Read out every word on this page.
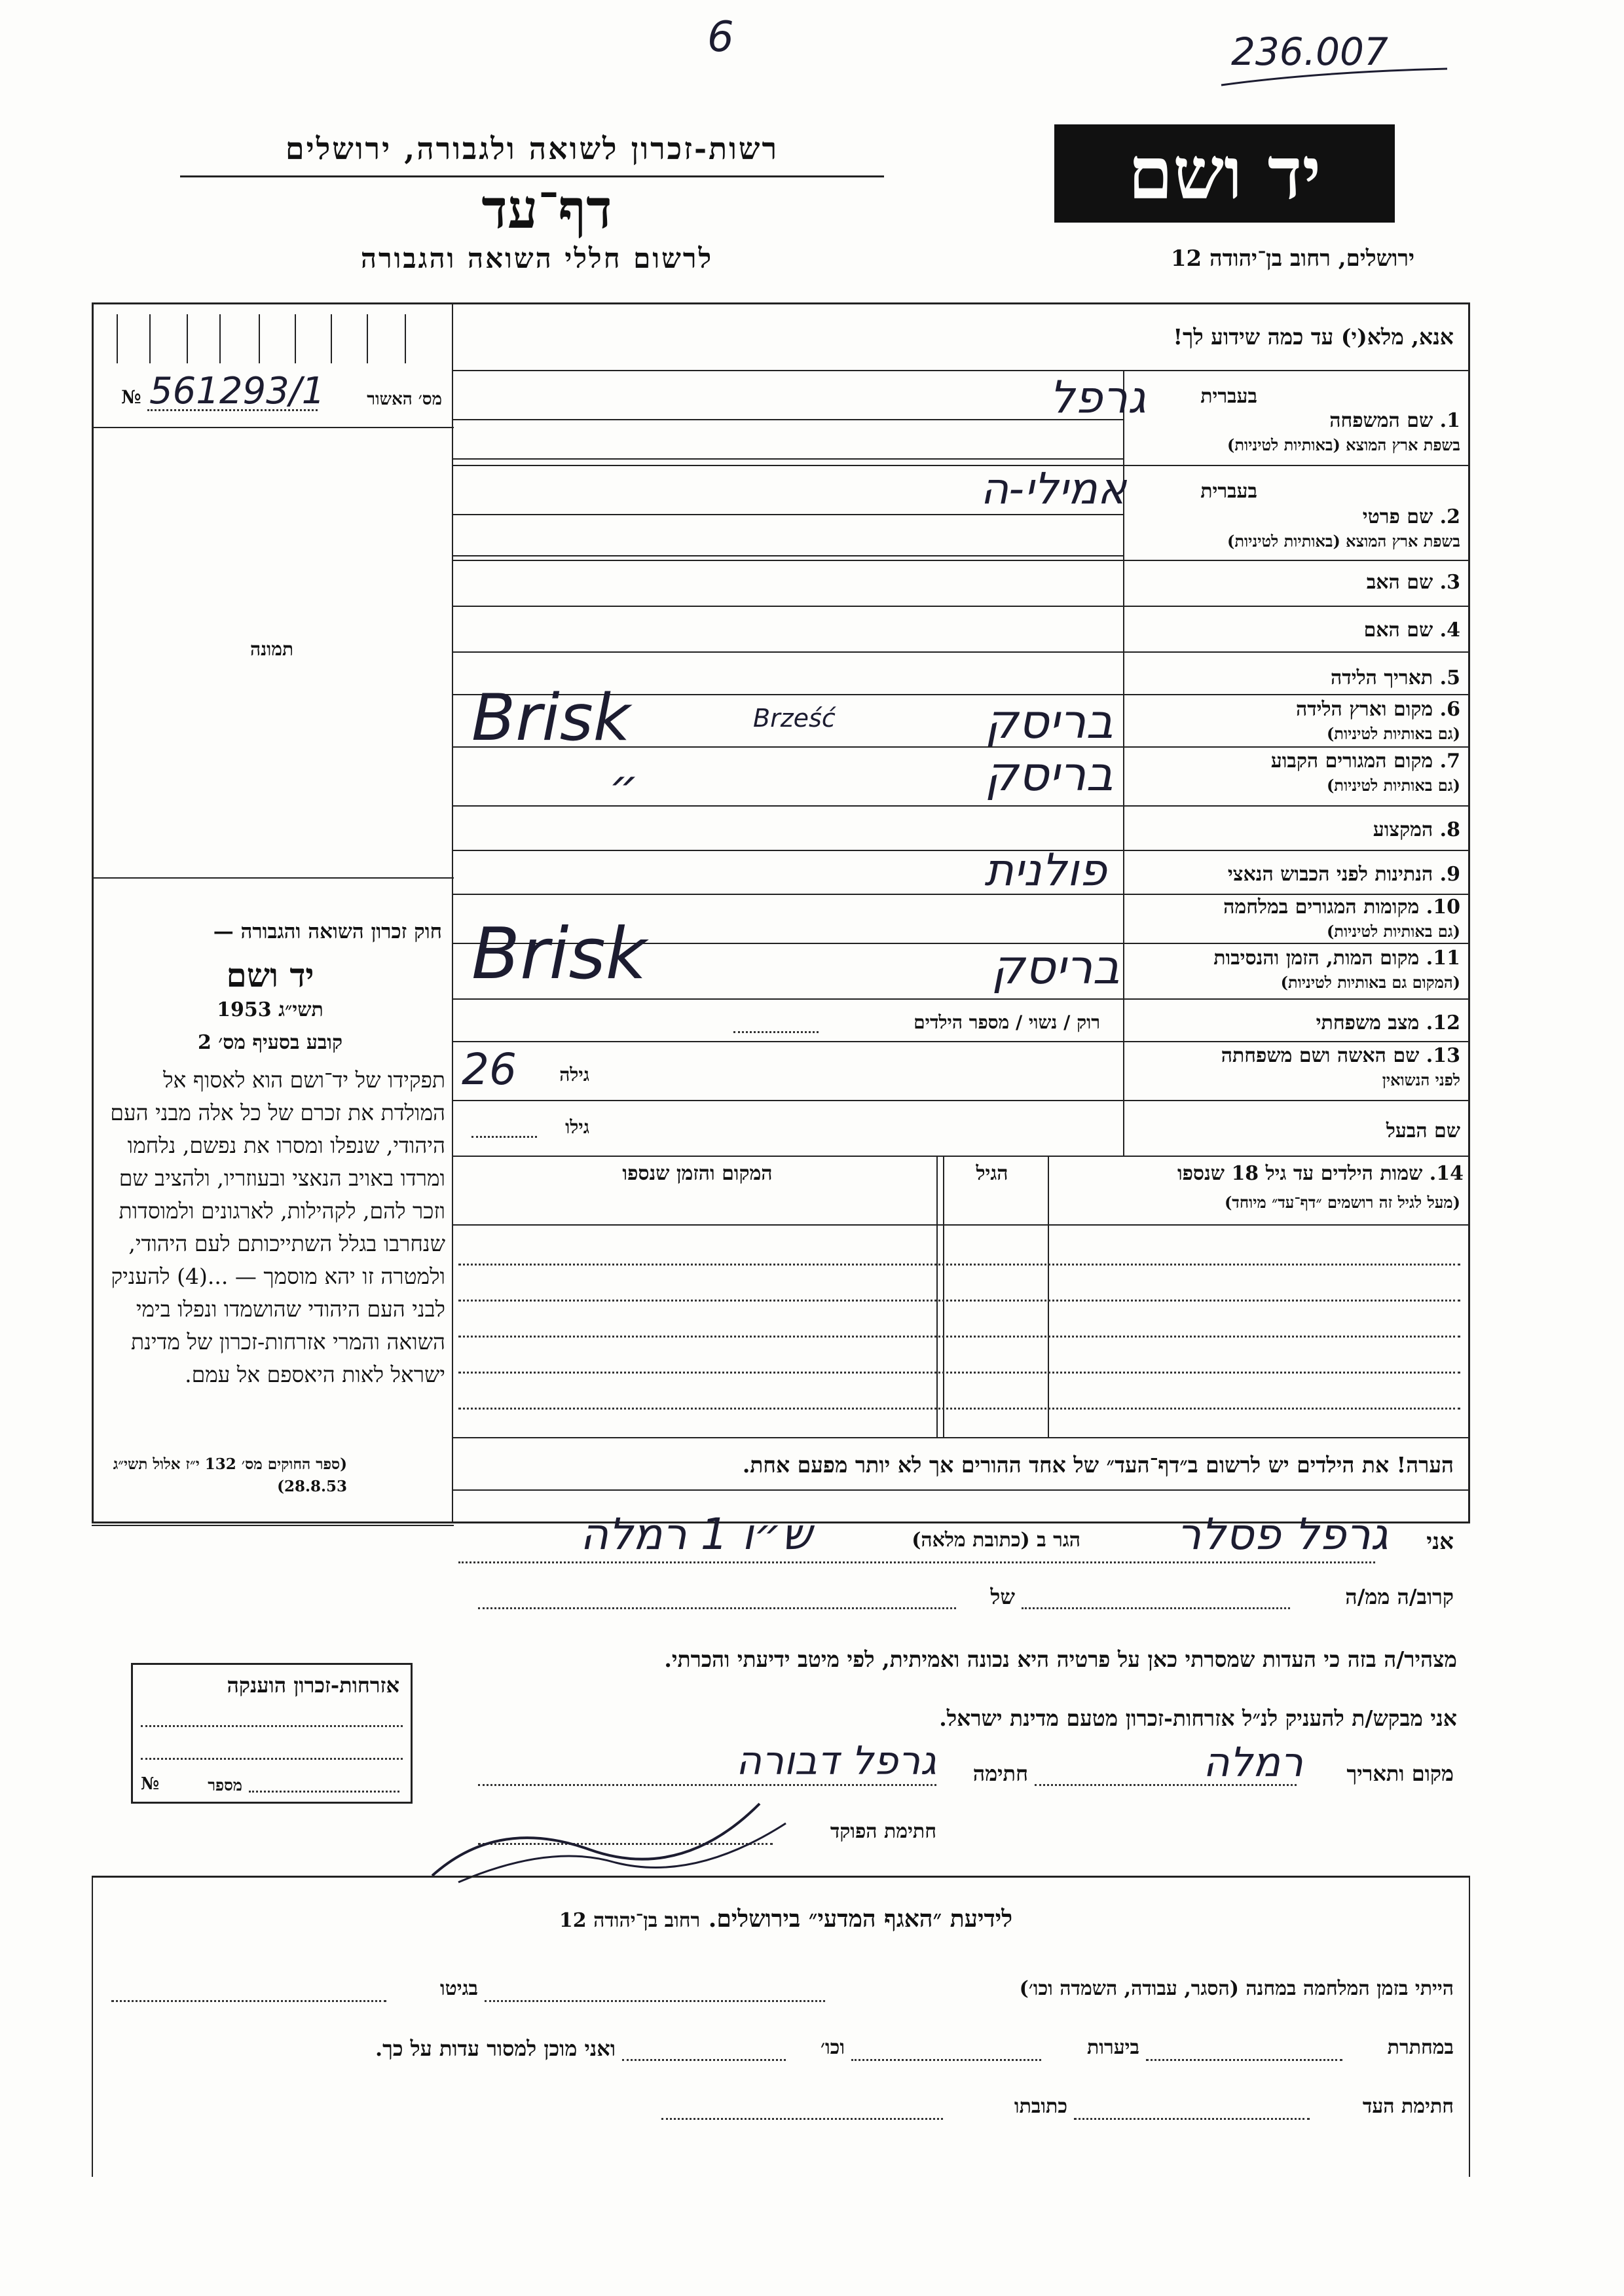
6	236.007
יד ושם
רשות-זכרון לשואה ולגבורה, ירושלים
דף־עד
לרשום חללי השואה והגבורה	ירושלים, רחוב בן־יהודה 12
אנא, מלא(י) עד כמה שידוע לך!
№ 561293/1	מס׳ האשור
תמונה
בעברית
1. שם המשפחה
בשפת ארץ המוצא (באותיות לטיניות)
גרפל
בעברית
2. שם פרטי
בשפת ארץ המוצא (באותיות לטיניות)
אמילי-ה
3. שם האב
4. שם האם
5. תאריך הלידה
6. מקום וארץ הלידה
(גם באותיות לטיניות)
Brisk	Brześć	בריסק
7. מקום המגורים הקבוע
(גם באותיות לטיניות)
״	בריסק
8. המקצוע
9. הנתינות לפני הכבוש הנאצי
פולנית
10. מקומות המגורים במלחמה
(גם באותיות לטיניות)
11. מקום המות, הזמן והנסיבות
(המקום גם באותיות לטיניות)
Brisk	בריסק
12. מצב משפחתי
רוק / נשוי / מספר הילדים
13. שם האשה ושם משפחתה
לפני הנשואין
גילה
26
שם הבעל
גילו
14. שמות הילדים עד גיל 18 שנספו
(מעל לגיל זה רושמים ״דף־עד״ מיוחד)
הגיל
המקום והזמן שנספו
הערה! את הילדים יש לרשום ב״דף־העד״ של אחד ההורים אך לא יותר מפעם אחת.
אני
גרפל פסלר
הגר ב (כתובת מלאה)
ש״ו 1 רמלה
קרוב/ה ממ/ה
של
מצהיר/ה בזה כי העדות שמסרתי כאן על פרטיה היא נכונה ואמיתית, לפי מיטב ידיעתי והכרתי.
אני מבקש/ת להעניק לנ״ל אזרחות-זכרון מטעם מדינת ישראל.
מקום ותאריך
רמלה
חתימה
גרפל דבורה
חתימת הפוקד
חוק זכרון השואה והגבורה —
יד ושם
תשי״ג 1953
קובע בסעיף מס׳ 2
תפקידו של יד־ושם הוא לאסוף אל המולדת את זכרם של כל אלה מבני העם היהודי, שנפלו ומסרו את נפשם, נלחמו ומרדו באויב הנאצי ובעוזריו, ולהציב שם וזכר להם, לקהילות, לארגונים ולמוסדות שנחרבו בגלל השתייכותם לעם היהודי, ולמטרה זו יהא מוסמך — ...(4) להעניק לבני העם היהודי שהושמדו ונפלו בימי השואה והמרי אזרחות-זכרון של מדינת ישראל לאות היאספם אל עמם.
(ספר החוקים מס׳ 132 י״ז אלול תשי״ג 28.8.53)
אזרחות-זכרון הוענקה
№	מספר
לידיעת ״האגף המדעי״ בירושלים. רחוב בן־יהודה 12
הייתי בזמן המלחמה במחנה (הסגר, עבודה, השמדה וכו׳)
בגיטו
במחתרת
ביערות
וכו׳
ואני מוכן למסור עדות על כך.
חתימת העד
כתובתו
